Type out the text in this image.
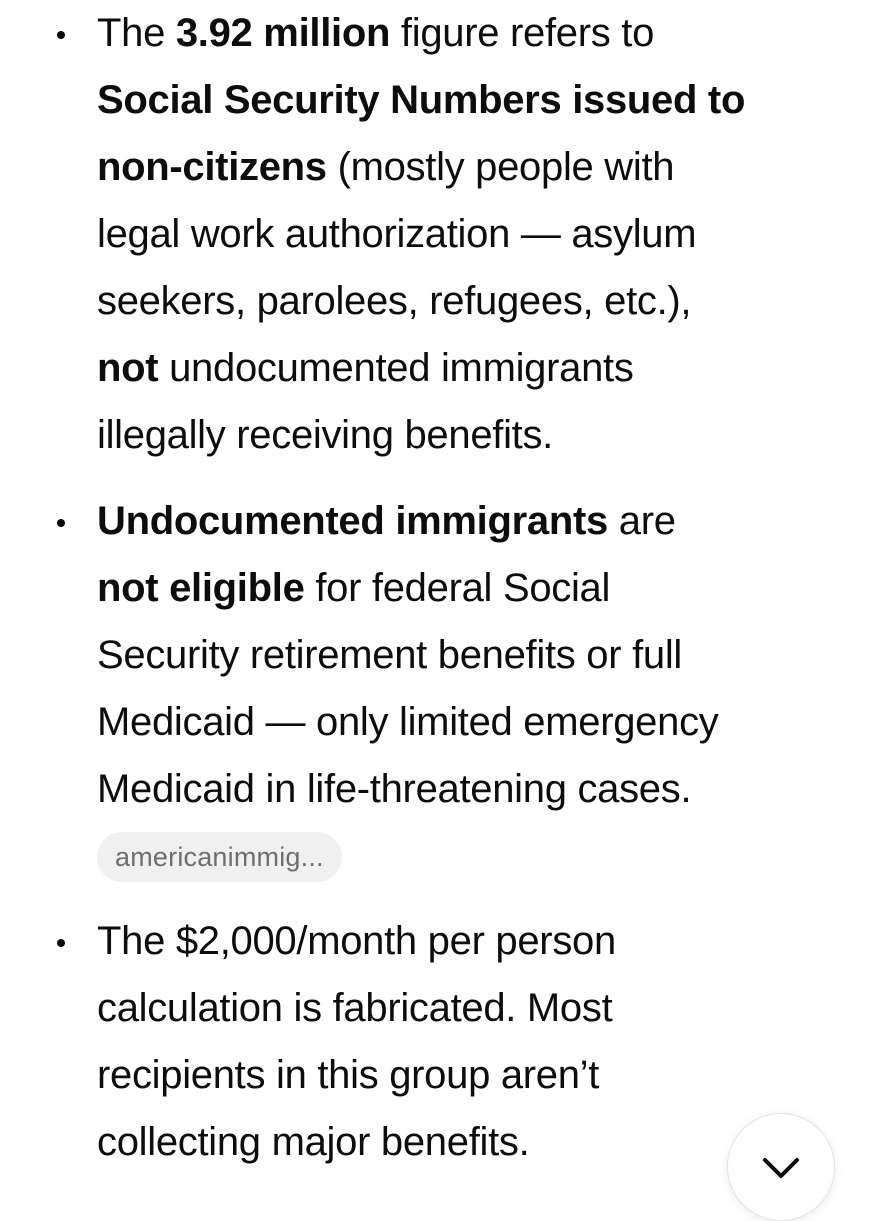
The 3.92 million figure refers to
Social Security Numbers issued to
non-citizens (mostly people with
legal work authorization — asylum
seekers, parolees, refugees, etc.),
not undocumented immigrants
illegally receiving benefits.

Undocumented immigrants are
not eligible for federal Social
Security retirement benefits or full
Medicaid — only limited emergency
Medicaid in life-threatening cases.

The $2,000/month per person
calculation is fabricated. Most
recipients in this group aren’t
collecting major benefits.

americanimmig...
